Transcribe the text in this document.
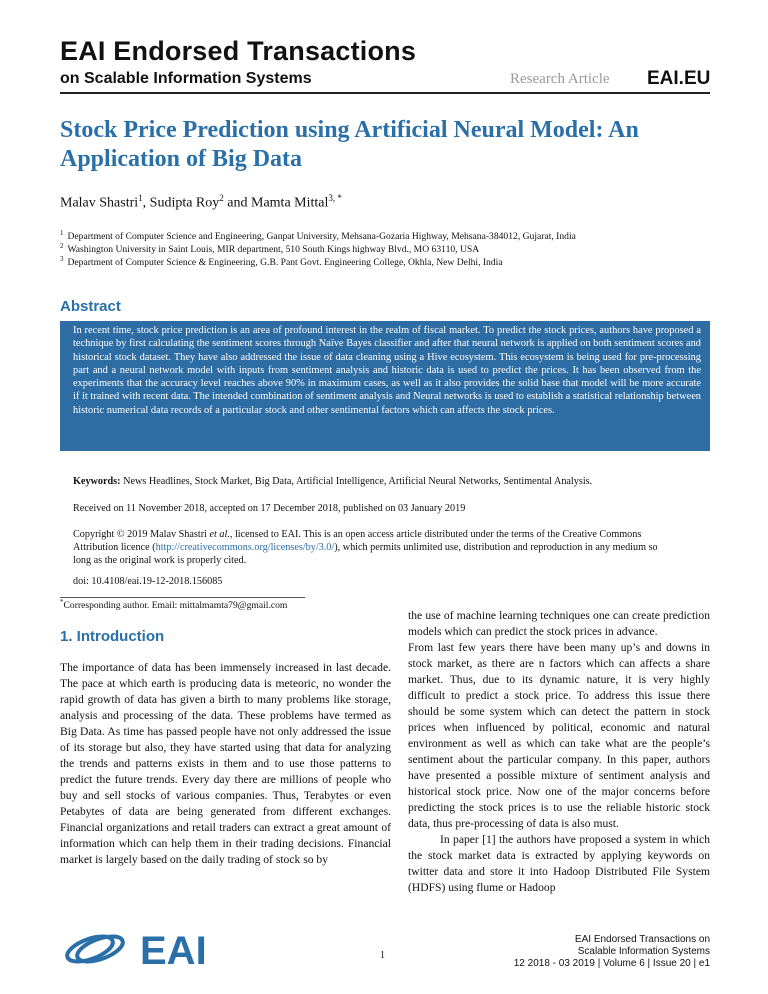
EAI Endorsed Transactions
on Scalable Information Systems	Research Article EAI.EU
Stock Price Prediction using Artificial Neural Model: An Application of Big Data
Malav Shastri$^1$, Sudipta Roy$^2$ and Mamta Mittal$^{3, *}$
$^1$ Department of Computer Science and Engineering, Ganpat University, Mehsana-Gozaria Highway, Mehsana-384012, Gujarat, India
$^2$ Washington University in Saint Louis, MIR department, 510 South Kings highway Blvd., MO 63110, USA
$^3$ Department of Computer Science & Engineering, G.B. Pant Govt. Engineering College, Okhla, New Delhi, India
Abstract
In recent time, stock price prediction is an area of profound interest in the realm of fiscal market. To predict the stock prices, authors have proposed a technique by first calculating the sentiment scores through Naïve Bayes classifier and after that neural network is applied on both sentiment scores and historical stock dataset. They have also addressed the issue of data cleaning using a Hive ecosystem. This ecosystem is being used for pre-processing part and a neural network model with inputs from sentiment analysis and historic data is used to predict the prices. It has been observed from the experiments that the accuracy level reaches above 90% in maximum cases, as well as it also provides the solid base that model will be more accurate if it trained with recent data. The intended combination of sentiment analysis and Neural networks is used to establish a statistical relationship between historic numerical data records of a particular stock and other sentimental factors which can affects the stock prices.
Keywords: News Headlines, Stock Market, Big Data, Artificial Intelligence, Artificial Neural Networks, Sentimental Analysis.
Received on 11 November 2018, accepted on 17 December 2018, published on 03 January 2019
Copyright © 2019 Malav Shastri et al., licensed to EAI. This is an open access article distributed under the terms of the Creative Commons Attribution licence (http://creativecommons.org/licenses/by/3.0/), which permits unlimited use, distribution and reproduction in any medium so long as the original work is properly cited.
doi: 10.4108/eai.19-12-2018.156085
*Corresponding author. Email: mittalmamta79@gmail.com
1. Introduction
The importance of data has been immensely increased in last decade. The pace at which earth is producing data is meteoric, no wonder the rapid growth of data has given a birth to many problems like storage, analysis and processing of the data. These problems have termed as Big Data. As time has passed people have not only addressed the issue of its storage but also, they have started using that data for analyzing the trends and patterns exists in them and to use those patterns to predict the future trends. Every day there are millions of people who buy and sell stocks of various companies. Thus, Terabytes or even Petabytes of data are being generated from different exchanges. Financial organizations and retail traders can extract a great amount of information which can help them in their trading decisions. Financial market is largely based on the daily trading of stock so by

the use of machine learning techniques one can create prediction models which can predict the stock prices in advance.

From last few years there have been many up’s and downs in stock market, as there are n factors which can affects a share market. Thus, due to its dynamic nature, it is very highly difficult to predict a stock price. To address this issue there should be some system which can detect the pattern in stock prices when influenced by political, economic and natural environment as well as which can take what are the people’s sentiment about the particular company. In this paper, authors have presented a possible mixture of sentiment analysis and historical stock price. Now one of the major concerns before predicting the stock prices is to use the reliable historic stock data, thus pre-processing of data is also must.

In paper [1] the authors have proposed a system in which the stock market data is extracted by applying keywords on twitter data and store it into Hadoop Distributed File System (HDFS) using flume or Hadoop

EAI	1
EAI Endorsed Transactions on
Scalable Information Systems
12 2018 - 03 2019 | Volume 6 | Issue 20 | e1
